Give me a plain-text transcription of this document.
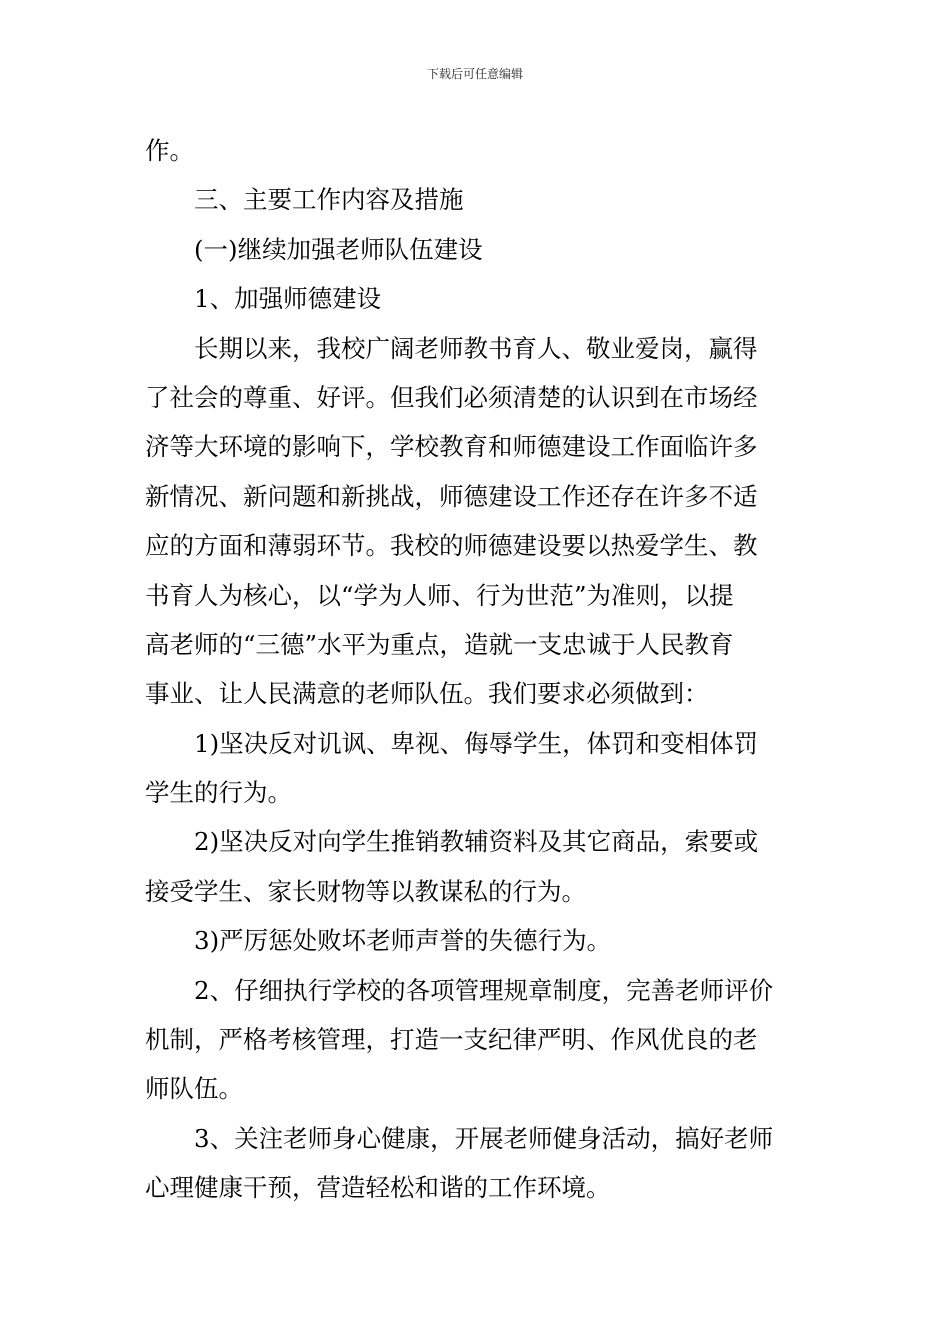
下载后可任意编辑
作。
三、主要工作内容及措施
(一)继续加强老师队伍建设
1、加强师德建设
长期以来，我校广阔老师教书育人、敬业爱岗，赢得
了社会的尊重、好评。但我们必须清楚的认识到在市场经
济等大环境的影响下，学校教育和师德建设工作面临许多
新情况、新问题和新挑战，师德建设工作还存在许多不适
应的方面和薄弱环节。我校的师德建设要以热爱学生、教
书育人为核心，以“学为人师、行为世范”为准则，以提
高老师的“三德”水平为重点，造就一支忠诚于人民教育
事业、让人民满意的老师队伍。我们要求必须做到：
1)坚决反对讥讽、卑视、侮辱学生，体罚和变相体罚
学生的行为。
2)坚决反对向学生推销教辅资料及其它商品，索要或
接受学生、家长财物等以教谋私的行为。
3)严厉惩处败坏老师声誉的失德行为。
2、仔细执行学校的各项管理规章制度，完善老师评价
机制，严格考核管理，打造一支纪律严明、作风优良的老
师队伍。
3、关注老师身心健康，开展老师健身活动，搞好老师
心理健康干预，营造轻松和谐的工作环境。
